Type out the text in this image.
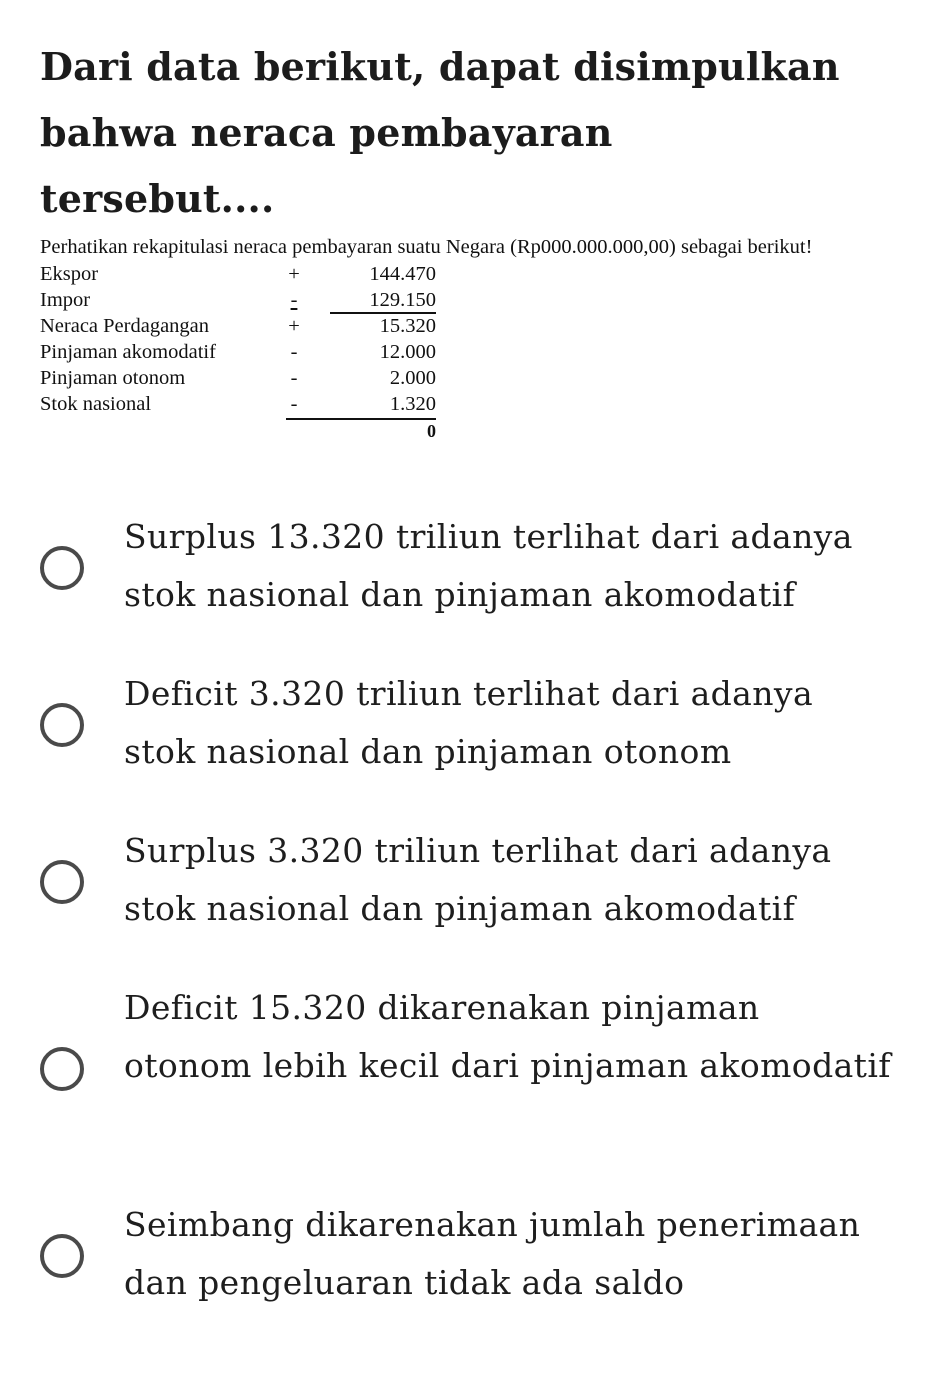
Dari data berikut, dapat disimpulkan bahwa neraca pembayaran tersebut....
Perhatikan rekapitulasi neraca pembayaran suatu Negara (Rp000.000.000,00) sebagai berikut!
Ekspor	+	144.470
Impor	-	129.150
Neraca Perdagangan	+	15.320
Pinjaman akomodatif	-	12.000
Pinjaman otonom	-	2.000
Stok nasional	-	1.320
0
Surplus 13.320 triliun terlihat dari adanya stok nasional dan pinjaman akomodatif
Deficit 3.320 triliun terlihat dari adanya stok nasional dan pinjaman otonom
Surplus 3.320 triliun terlihat dari adanya stok nasional dan pinjaman akomodatif
Deficit 15.320 dikarenakan pinjaman otonom lebih kecil dari pinjaman akomodatif
Seimbang dikarenakan jumlah penerimaan dan pengeluaran tidak ada saldo
